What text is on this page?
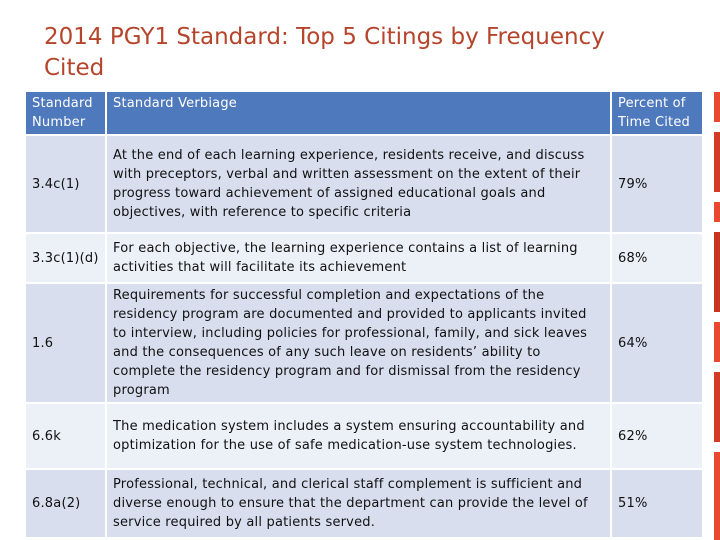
2014 PGY1 Standard: Top 5 Citings by Frequency Cited
Standard Number	Standard Verbiage	Percent of Time Cited
3.4c(1)	At the end of each learning experience, residents receive, and discuss with preceptors, verbal and written assessment on the extent of their progress toward achievement of assigned educational goals and objectives, with reference to specific criteria	79%
3.3c(1)(d)	For each objective, the learning experience contains a list of learning activities that will facilitate its achievement	68%
1.6	Requirements for successful completion and expectations of the residency program are documented and provided to applicants invited to interview, including policies for professional, family, and sick leaves and the consequences of any such leave on residents’ ability to complete the residency program and for dismissal from the residency program	64%
6.6k	The medication system includes a system ensuring accountability and optimization for the use of safe medication-use system technologies.	62%
6.8a(2)	Professional, technical, and clerical staff complement is sufficient and diverse enough to ensure that the department can provide the level of service required by all patients served.	51%
